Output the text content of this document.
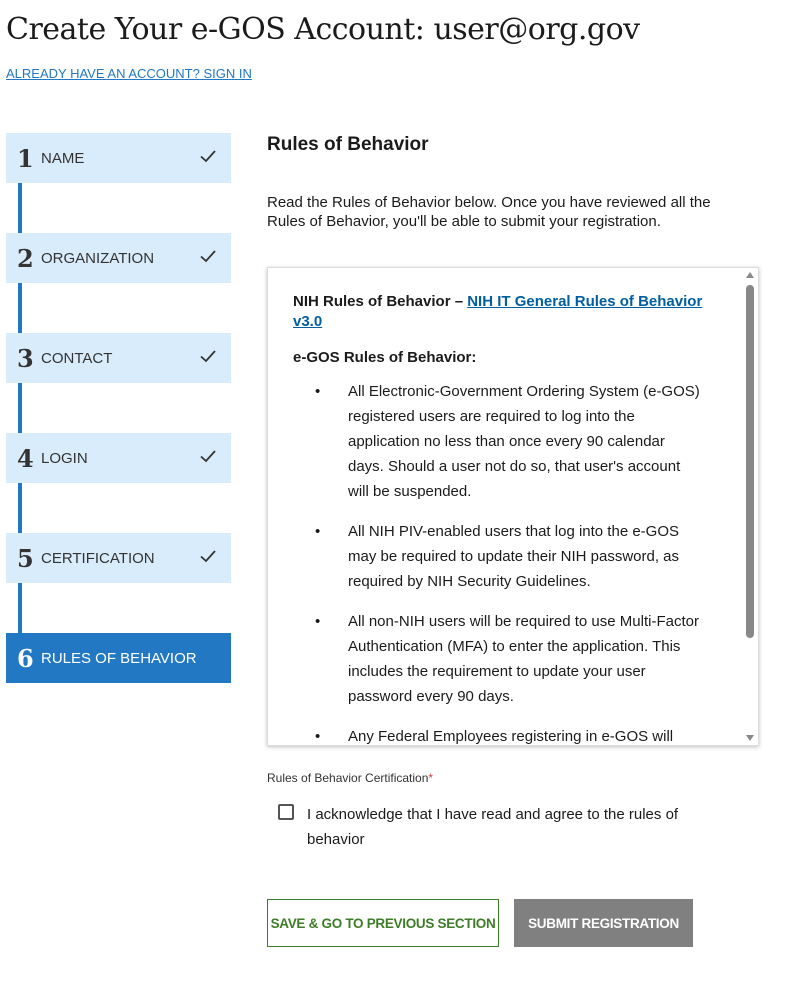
Create Your e-GOS Account: user@org.gov
ALREADY HAVE AN ACCOUNT? SIGN IN
1 NAME
2 ORGANIZATION
3 CONTACT
4 LOGIN
5 CERTIFICATION
6 RULES OF BEHAVIOR
Rules of Behavior
Read the Rules of Behavior below. Once you have reviewed all the Rules of Behavior, you'll be able to submit your registration.

NIH Rules of Behavior – NIH IT General Rules of Behavior v3.0

e-GOS Rules of Behavior:

• All Electronic-Government Ordering System (e-GOS) registered users are required to log into the application no less than once every 90 calendar days. Should a user not do so, that user's account will be suspended.
• All NIH PIV-enabled users that log into the e-GOS may be required to update their NIH password, as required by NIH Security Guidelines.
• All non-NIH users will be required to use Multi-Factor Authentication (MFA) to enter the application. This includes the requirement to update your user password every 90 days.
• Any Federal Employees registering in e-GOS will
Rules of Behavior Certification*
I acknowledge that I have read and agree to the rules of behavior
SAVE & GO TO PREVIOUS SECTION	SUBMIT REGISTRATION
